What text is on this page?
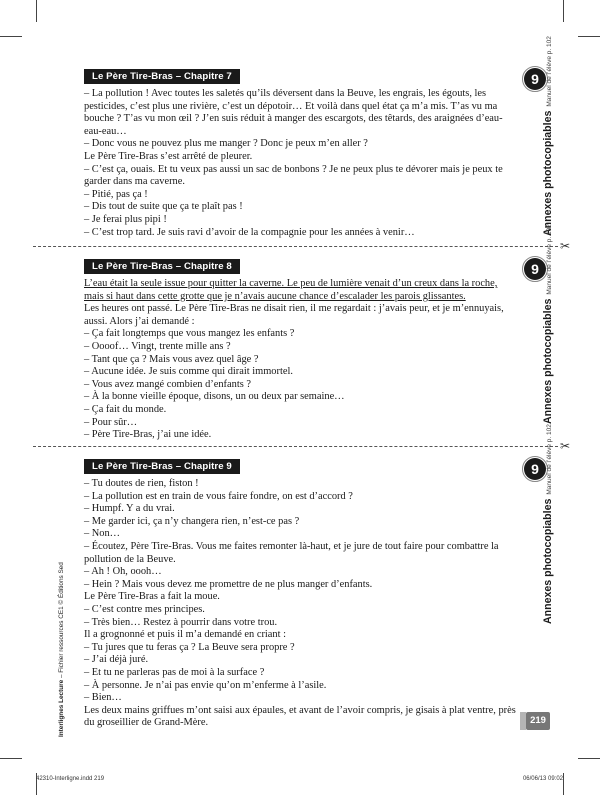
Le Père Tire-Bras – Chapitre 7

– La pollution ! Avec toutes les saletés qu’ils déversent dans la Beuve, les engrais, les égouts, les pesticides, c’est plus une rivière, c’est un dépotoir… Et voilà dans quel état ça m’a mis. T’as vu ma bouche ? T’as vu mon œil ? J’en suis réduit à manger des escargots, des têtards, des araignées d’eau-eau-eau…

– Donc vous ne pouvez plus me manger ? Donc je peux m’en aller ?

Le Père Tire-Bras s’est arrêté de pleurer.

– C’est ça, ouais. Et tu veux pas aussi un sac de bonbons ? Je ne peux plus te dévorer mais je peux te garder dans ma caverne.

– Pitié, pas ça !

– Dis tout de suite que ça te plaît pas !

– Je ferai plus pipi !

– C’est trop tard. Je suis ravi d’avoir de la compagnie pour les années à venir…

9
Annexes photocopiablesManuel de l’élève p. 102
✂
Le Père Tire-Bras – Chapitre 8

L’eau était la seule issue pour quitter la caverne. Le peu de lumière venait d’un creux dans la roche, mais si haut dans cette grotte que je n’avais aucune chance d’escalader les parois glissantes.

Les heures ont passé. Le Père Tire-Bras ne disait rien, il me regardait : j’avais peur, et je m’ennuyais, aussi. Alors j’ai demandé :

– Ça fait longtemps que vous mangez les enfants ?

– Oooof… Vingt, trente mille ans ?

– Tant que ça ? Mais vous avez quel âge ?

– Aucune idée. Je suis comme qui dirait immortel.

– Vous avez mangé combien d’enfants ?

– À la bonne vieille époque, disons, un ou deux par semaine…

– Ça fait du monde.

– Pour sûr…

– Père Tire-Bras, j’ai une idée.

9
Annexes photocopiablesManuel de l’élève p. 102
✂
Le Père Tire-Bras – Chapitre 9

– Tu doutes de rien, fiston !

– La pollution est en train de vous faire fondre, on est d’accord ?

– Humpf. Y a du vrai.

– Me garder ici, ça n’y changera rien, n’est-ce pas ?

– Non…

– Écoutez, Père Tire-Bras. Vous me faites remonter là-haut, et je jure de tout faire pour combattre la pollution de la Beuve.

– Ah ! Oh, oooh…

– Hein ? Mais vous devez me promettre de ne plus manger d’enfants.

Le Père Tire-Bras a fait la moue.

– C’est contre mes principes.

– Très bien… Restez à pourrir dans votre trou.

Il a grognonné et puis il m’a demandé en criant :

– Tu jures que tu feras ça ? La Beuve sera propre ?

– J’ai déjà juré.

– Et tu ne parleras pas de moi à la surface ?

– À personne. Je n’ai pas envie qu’on m’enferme à l’asile.

– Bien…

Les deux mains griffues m’ont saisi aux épaules, et avant de l’avoir compris, je gisais à plat ventre, près du groseillier de Grand-Mère.

9
Annexes photocopiablesManuel de l’élève p. 102
Interlignes Lecture – Fichier ressources CE1 © Éditions Sed
219
42310-Interligne.indd 219	06/06/13 09:02
